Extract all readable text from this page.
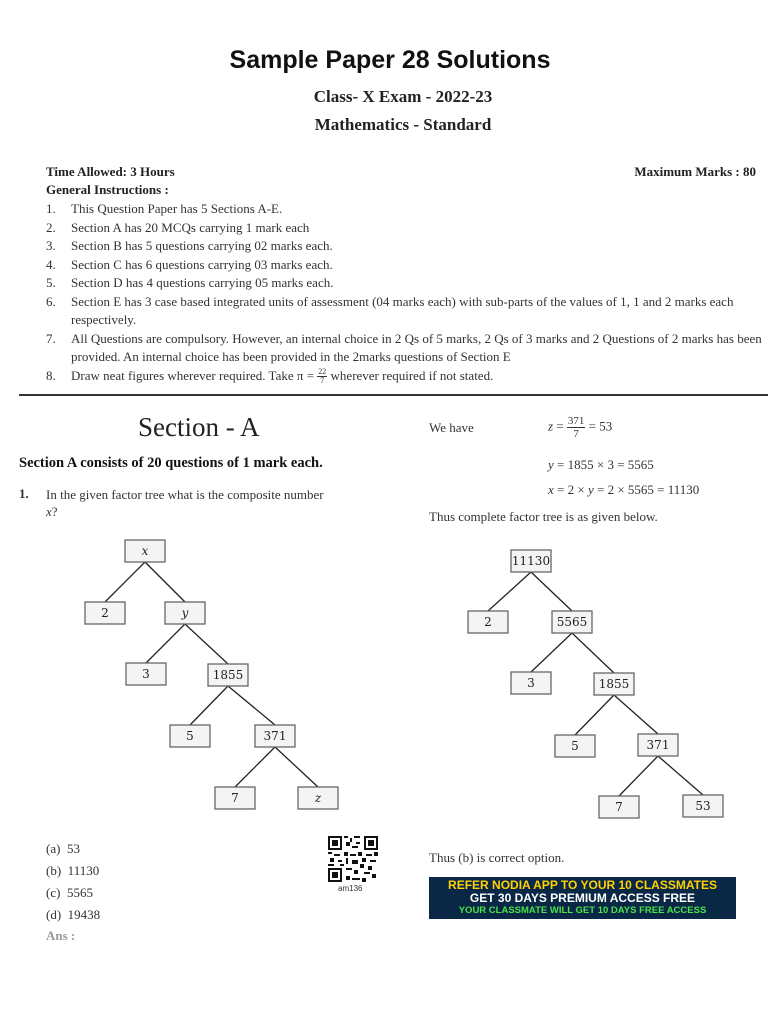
Sample Paper 28 Solutions
Class- X Exam - 2022-23
Mathematics - Standard
Time Allowed: 3 Hours	Maximum Marks : 80
General Instructions :
1.	This Question Paper has 5 Sections A-E.
2.	Section A has 20 MCQs carrying 1 mark each
3.	Section B has 5 questions carrying 02 marks each.
4.	Section C has 6 questions carrying 03 marks each.
5.	Section D has 4 questions carrying 05 marks each.
6.	Section E has 3 case based integrated units of assessment (04 marks each) with sub-parts of the values of 1, 1 and 2 marks each respectively.
7.	All Questions are compulsory. However, an internal choice in 2 Qs of 5 marks, 2 Qs of 3 marks and 2 Questions of 2 marks has been provided. An internal choice has been provided in the 2marks questions of Section E
8.	Draw neat figures wherever required. Take $\pi = \frac{22}{7}$ wherever required if not stated.
Section - A
Section A consists of 20 questions of 1 mark each.
1. In the given factor tree what is the composite number
x?
x
2	y
3	1855
5	371
7	z
(a) 53
(b) 11130
(c) 5565
(d) 19438
Ans :
am136
We have	$z = \frac{371}{7} = 53$
y = 1855 × 3 = 5565
x = 2 × y = 2 × 5565 = 11130
Thus complete factor tree is as given below.
11130
2	5565
3	1855
5	371
7	53
Thus (b) is correct option.
REFER NODIA APP TO YOUR 10 CLASSMATES
GET 30 DAYS PREMIUM ACCESS FREE
YOUR CLASSMATE WILL GET 10 DAYS FREE ACCESS
